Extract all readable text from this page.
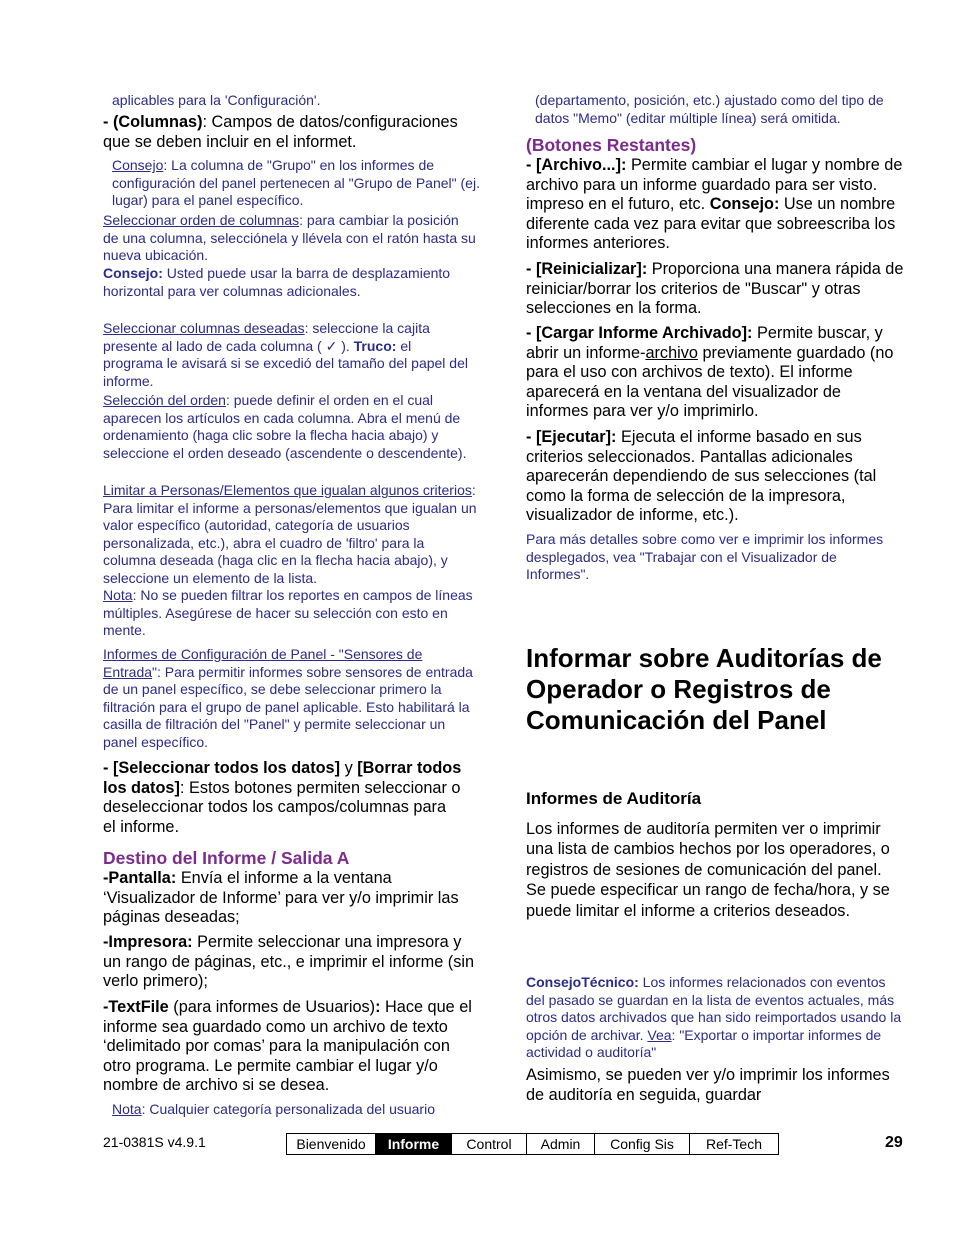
aplicables para la 'Configuración'.

- (Columnas): Campos de datos/configuraciones que se deben incluir en el informet.

Consejo: La columna de "Grupo" en los informes de configuración del panel pertenecen al "Grupo de Panel" (ej. lugar) para el panel específico.

Seleccionar orden de columnas: para cambiar la posición de una columna, selecciónela y llévela con el ratón hasta su nueva ubicación.

Consejo: Usted puede usar la barra de desplazamiento horizontal para ver columnas adicionales.

Seleccionar columnas deseadas: seleccione la cajita presente al lado de cada columna ( ✓ ). Truco: el programa le avisará si se excedió del tamaño del papel del informe.

Selección del orden: puede definir el orden en el cual aparecen los artículos en cada columna. Abra el menú de ordenamiento (haga clic sobre la flecha hacia abajo) y seleccione el orden deseado (ascendente o descendente).

Limitar a Personas/Elementos que igualan algunos criterios: Para limitar el informe a personas/elementos que igualan un valor específico (autoridad, categoría de usuarios personalizada, etc.), abra el cuadro de 'filtro' para la columna deseada (haga clic en la flecha hacia abajo), y seleccione un elemento de la lista.
Nota: No se pueden filtrar los reportes en campos de líneas múltiples. Asegúrese de hacer su selección con esto en mente.

Informes de Configuración de Panel - "Sensores de Entrada": Para permitir informes sobre sensores de entrada de un panel específico, se debe seleccionar primero la filtración para el grupo de panel aplicable. Esto habilitará la casilla de filtración del "Panel" y permite seleccionar un panel específico.

- [Seleccionar todos los datos] y [Borrar todos los datos]: Estos botones permiten seleccionar o deseleccionar todos los campos/columnas para el informe.

Destino del Informe / Salida A

-Pantalla: Envía el informe a la ventana ‘Visualizador de Informe’ para ver y/o imprimir las páginas deseadas;

-Impresora: Permite seleccionar una impresora y un rango de páginas, etc., e imprimir el informe (sin verlo primero);

-TextFile (para informes de Usuarios): Hace que el informe sea guardado como un archivo de texto ‘delimitado por comas’ para la manipulación con otro programa. Le permite cambiar el lugar y/o nombre de archivo si se desea.

Nota: Cualquier categoría personalizada del usuario

(departamento, posición, etc.) ajustado como del tipo de datos "Memo" (editar múltiple línea) será omitida.

(Botones Restantes)

- [Archivo...]: Permite cambiar el lugar y nombre de archivo para un informe guardado para ser visto. impreso en el futuro, etc. Consejo: Use un nombre diferente cada vez para evitar que sobreescriba los informes anteriores.

- [Reinicializar]: Proporciona una manera rápida de reiniciar/borrar los criterios de "Buscar" y otras selecciones en la forma.

- [Cargar Informe Archivado]: Permite buscar, y abrir un informe-archivo previamente guardado (no para el uso con archivos de texto). El informe aparecerá en la ventana del visualizador de informes para ver y/o imprimirlo.

- [Ejecutar]: Ejecuta el informe basado en sus criterios seleccionados. Pantallas adicionales aparecerán dependiendo de sus selecciones (tal como la forma de selección de la impresora, visualizador de informe, etc.).

Para más detalles sobre como ver e imprimir los informes desplegados, vea "Trabajar con el Visualizador de Informes".

Informar sobre Auditorías de Operador o Registros de Comunicación del Panel
Informes de Auditoría

Los informes de auditoría permiten ver o imprimir una lista de cambios hechos por los operadores, o registros de sesiones de comunicación del panel. Se puede especificar un rango de fecha/hora, y se puede limitar el informe a criterios deseados.

ConsejoTécnico: Los informes relacionados con eventos del pasado se guardan en la lista de eventos actuales, más otros datos archivados que han sido reimportados usando la opción de archivar. Vea: "Exportar o importar informes de actividad o auditoría"

Asimismo, se pueden ver y/o imprimir los informes de auditoría en seguida, guardar

21-0381S v4.9.1	Bienvenido	Informe	Control	Admin	Config Sis	Ref-Tech	29
